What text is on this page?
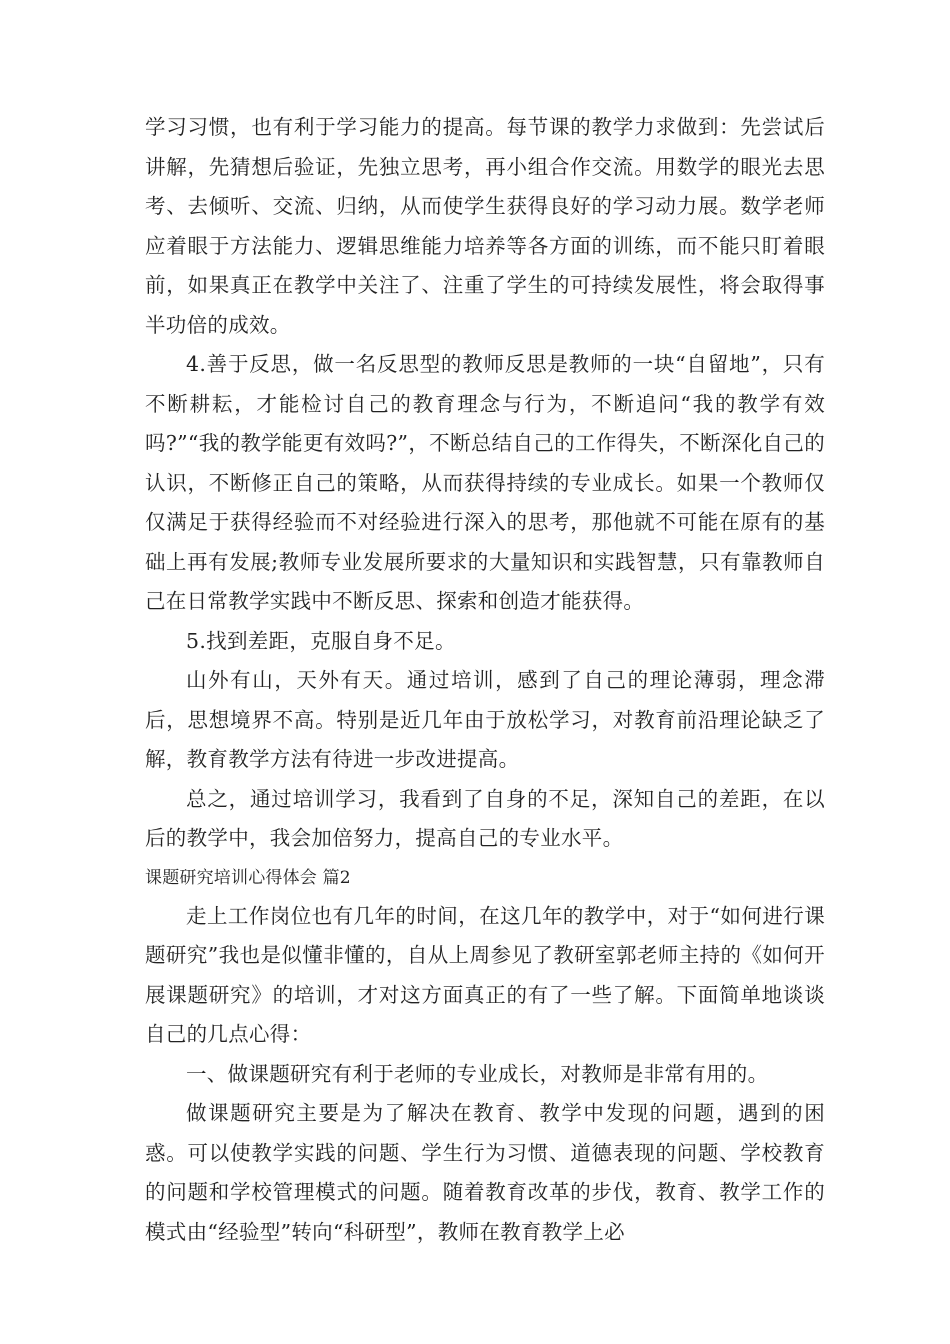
学习习惯，也有利于学习能力的提高。每节课的教学力求做到：先尝试后讲解，先猜想后验证，先独立思考，再小组合作交流。用数学的眼光去思考、去倾听、交流、归纳，从而使学生获得良好的学习动力展。数学老师应着眼于方法能力、逻辑思维能力培养等各方面的训练，而不能只盯着眼前，如果真正在教学中关注了、注重了学生的可持续发展性，将会取得事半功倍的成效。

4.善于反思，做一名反思型的教师反思是教师的一块“自留地”，只有不断耕耘，才能检讨自己的教育理念与行为，不断追问“我的教学有效吗?”“我的教学能更有效吗?”，不断总结自己的工作得失，不断深化自己的认识，不断修正自己的策略，从而获得持续的专业成长。如果一个教师仅仅满足于获得经验而不对经验进行深入的思考，那他就不可能在原有的基础上再有发展;教师专业发展所要求的大量知识和实践智慧，只有靠教师自己在日常教学实践中不断反思、探索和创造才能获得。

5.找到差距，克服自身不足。

山外有山，天外有天。通过培训，感到了自己的理论薄弱，理念滞后，思想境界不高。特别是近几年由于放松学习，对教育前沿理论缺乏了解，教育教学方法有待进一步改进提高。

总之，通过培训学习，我看到了自身的不足，深知自己的差距，在以后的教学中，我会加倍努力，提高自己的专业水平。

课题研究培训心得体会 篇2

走上工作岗位也有几年的时间，在这几年的教学中，对于“如何进行课题研究”我也是似懂非懂的，自从上周参见了教研室郭老师主持的《如何开展课题研究》的培训，才对这方面真正的有了一些了解。下面简单地谈谈自己的几点心得：

一、做课题研究有利于老师的专业成长，对教师是非常有用的。

做课题研究主要是为了解决在教育、教学中发现的问题，遇到的困惑。可以使教学实践的问题、学生行为习惯、道德表现的问题、学校教育的问题和学校管理模式的问题。随着教育改革的步伐，教育、教学工作的模式由“经验型”转向“科研型”，教师在教育教学上必
